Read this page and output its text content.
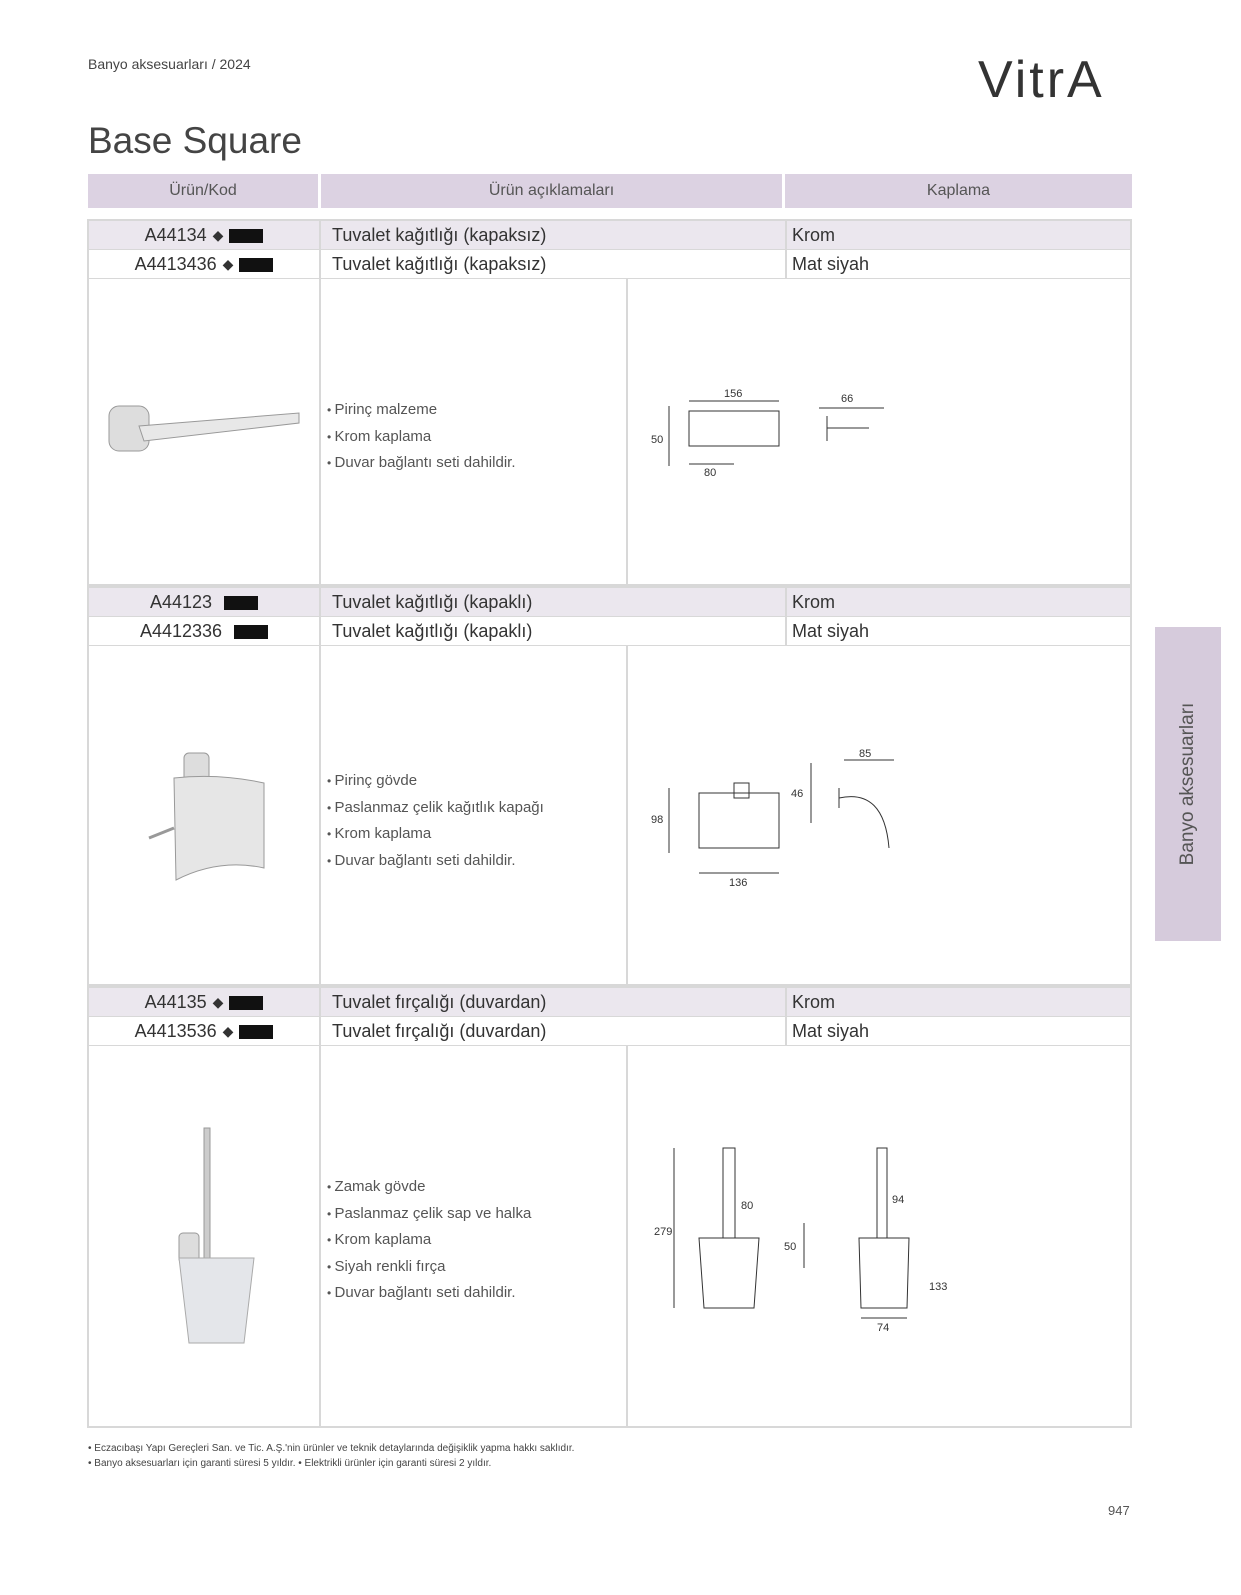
Banyo aksesuarları / 2024	VitrA
Base Square
Ürün/Kod	Ürün açıklamaları	Kaplama
A44134 ◆	Tuvalet kağıtlığı (kapaksız)	Krom
A4413436 ◆	Tuvalet kağıtlığı (kapaksız)	Mat siyah
• Pirinç malzeme
• Krom kaplama
• Duvar bağlantı seti dahildir.
156
50
80
66
A44123	Tuvalet kağıtlığı (kapaklı)	Krom
A4412336	Tuvalet kağıtlığı (kapaklı)	Mat siyah
• Pirinç gövde
• Paslanmaz çelik kağıtlık kapağı
• Krom kaplama
• Duvar bağlantı seti dahildir.
98
136
85
46
A44135 ◆	Tuvalet fırçalığı (duvardan)	Krom
A4413536 ◆	Tuvalet fırçalığı (duvardan)	Mat siyah
• Zamak gövde
• Paslanmaz çelik sap ve halka
• Krom kaplama
• Siyah renkli fırça
• Duvar bağlantı seti dahildir.
279
80	94
50
133
74
Banyo aksesuarları
• Eczacıbaşı Yapı Gereçleri San. ve Tic. A.Ş.'nin ürünler ve teknik detaylarında değişiklik yapma hakkı saklıdır.
• Banyo aksesuarları için garanti süresi 5 yıldır. • Elektrikli ürünler için garanti süresi 2 yıldır.
947
